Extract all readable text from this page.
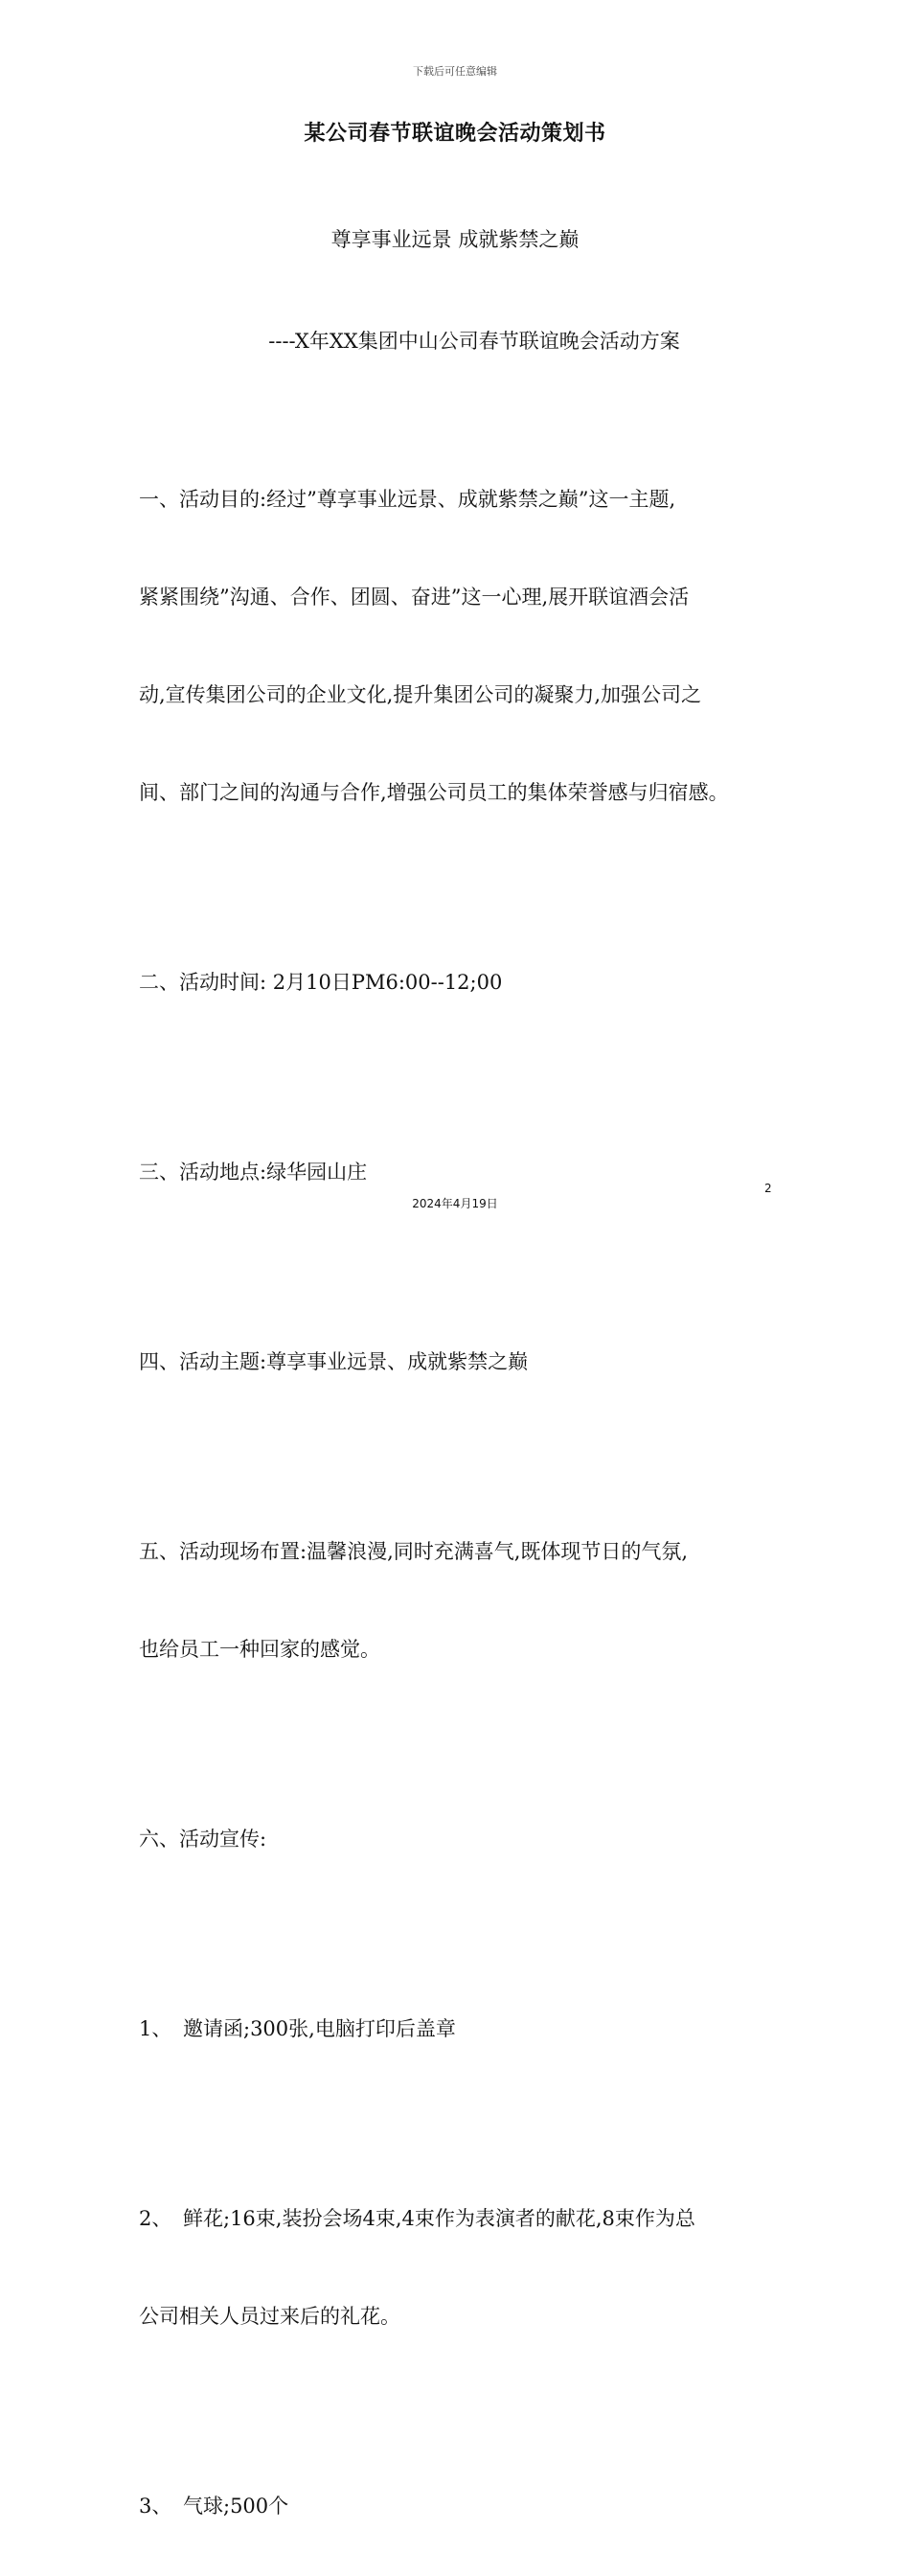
下载后可任意编辑
某公司春节联谊晚会活动策划书
尊享事业远景 成就紫禁之巅
----X年XX集团中山公司春节联谊晚会活动方案

一、活动目的:经过”尊享事业远景、成就紫禁之巅”这一主题,

紧紧围绕”沟通、合作、团圆、奋进”这一心理,展开联谊酒会活

动,宣传集团公司的企业文化,提升集团公司的凝聚力,加强公司之

间、部门之间的沟通与合作,增强公司员工的集体荣誉感与归宿感。

二、活动时间: 2月10日PM6:00--12;00

三、活动地点:绿华园山庄

四、活动主题:尊享事业远景、成就紫禁之巅

五、活动现场布置:温馨浪漫,同时充满喜气,既体现节日的气氛,

也给员工一种回家的感觉。

六、活动宣传:

1、 邀请函;300张,电脑打印后盖章

2、 鲜花;16束,装扮会场4束,4束作为表演者的献花,8束作为总

公司相关人员过来后的礼花。

3、 气球;500个

2
2024年4月19日
